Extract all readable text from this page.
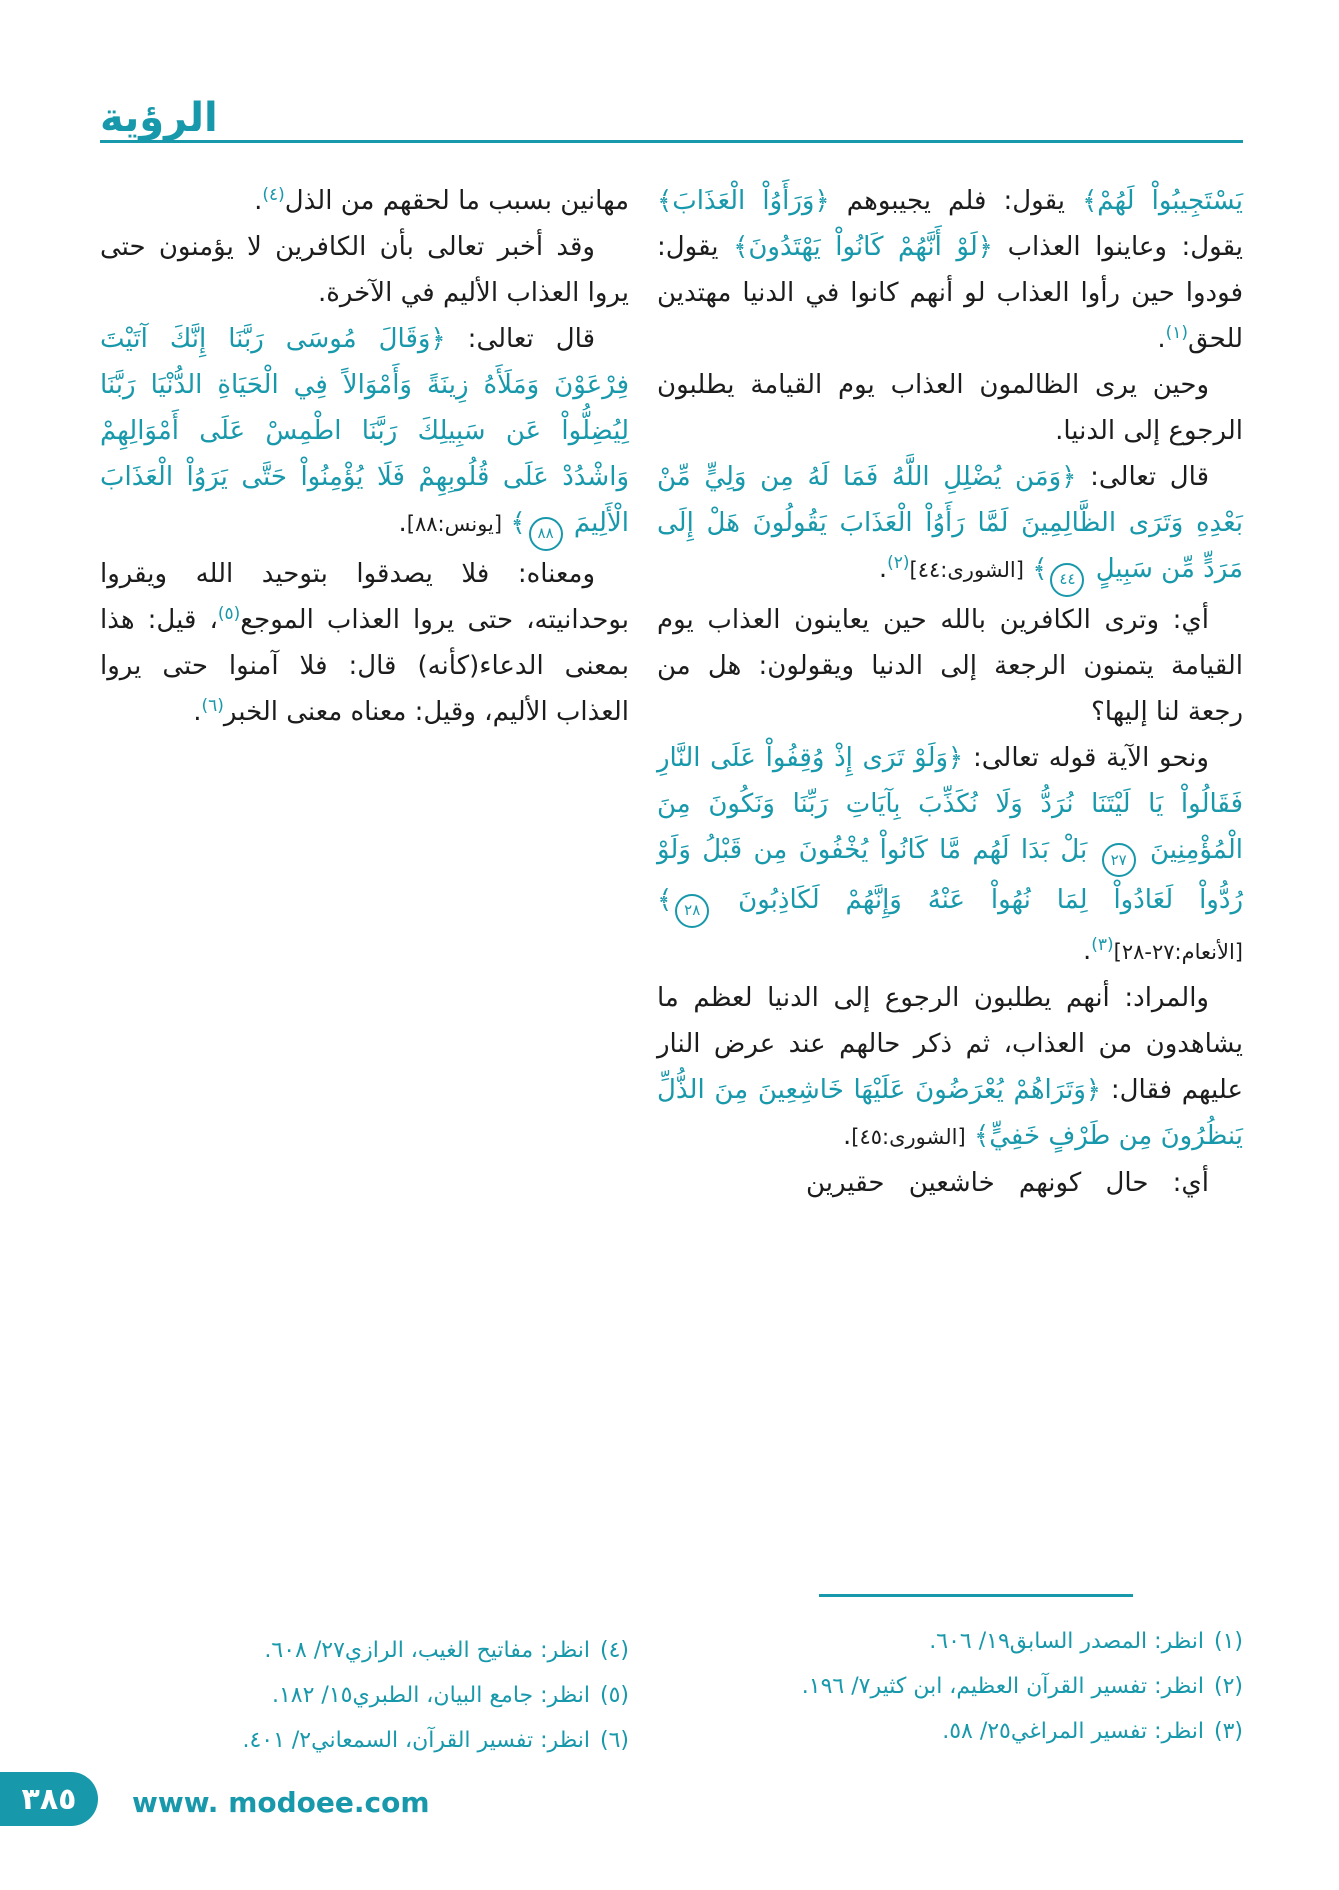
الرؤية

يَسْتَجِيبُواْ لَهُمْ﴾ يقول: فلم يجيبوهم ﴿وَرَأَوُاْ الْعَذَابَ﴾ يقول: وعاينوا العذاب ﴿لَوْ أَنَّهُمْ كَانُواْ يَهْتَدُونَ﴾ يقول: فودوا حين رأوا العذاب لو أنهم كانوا في الدنيا مهتدين للحق$^{(١)}$.

وحين يرى الظالمون العذاب يوم القيامة يطلبون الرجوع إلى الدنيا.

قال تعالى: ﴿وَمَن يُضْلِلِ اللَّهُ فَمَا لَهُ مِن وَلِيٍّ مِّنْ بَعْدِهِ وَتَرَى الظَّالِمِينَ لَمَّا رَأَوُاْ الْعَذَابَ يَقُولُونَ هَلْ إِلَى مَرَدٍّ مِّن سَبِيلٍ ٤٤﴾ [الشورى:٤٤]$^{(٢)}$.

أي: وترى الكافرين بالله حين يعاينون العذاب يوم القيامة يتمنون الرجعة إلى الدنيا ويقولون: هل من رجعة لنا إليها؟

ونحو الآية قوله تعالى: ﴿وَلَوْ تَرَى إِذْ وُقِفُواْ عَلَى النَّارِ فَقَالُواْ يَا لَيْتَنَا نُرَدُّ وَلَا نُكَذِّبَ بِآيَاتِ رَبِّنَا وَنَكُونَ مِنَ الْمُؤْمِنِينَ ٢٧ بَلْ بَدَا لَهُم مَّا كَانُواْ يُخْفُونَ مِن قَبْلُ وَلَوْ رُدُّواْ لَعَادُواْ لِمَا نُهُواْ عَنْهُ وَإِنَّهُمْ لَكَاذِبُونَ ٢٨﴾ [الأنعام:٢٧-٢٨]$^{(٣)}$.

والمراد: أنهم يطلبون الرجوع إلى الدنيا لعظم ما يشاهدون من العذاب، ثم ذكر حالهم عند عرض النار عليهم فقال: ﴿وَتَرَاهُمْ يُعْرَضُونَ عَلَيْهَا خَاشِعِينَ مِنَ الذُّلِّ يَنظُرُونَ مِن طَرْفٍ خَفِيٍّ﴾ [الشورى:٤٥].

أي: حال كونهم خاشعين حقيرين

مهانين بسبب ما لحقهم من الذل$^{(٤)}$.

وقد أخبر تعالى بأن الكافرين لا يؤمنون حتى يروا العذاب الأليم في الآخرة.

قال تعالى: ﴿وَقَالَ مُوسَى رَبَّنَا إِنَّكَ آتَيْتَ فِرْعَوْنَ وَمَلَأَهُ زِينَةً وَأَمْوَالاً فِي الْحَيَاةِ الدُّنْيَا رَبَّنَا لِيُضِلُّواْ عَن سَبِيلِكَ رَبَّنَا اطْمِسْ عَلَى أَمْوَالِهِمْ وَاشْدُدْ عَلَى قُلُوبِهِمْ فَلَا يُؤْمِنُواْ حَتَّى يَرَوُاْ الْعَذَابَ الْأَلِيمَ ٨٨﴾ [يونس:٨٨].

ومعناه: فلا يصدقوا بتوحيد الله ويقروا بوحدانيته، حتى يروا العذاب الموجع$^{(٥)}$، قيل: هذا بمعنى الدعاء(كأنه) قال: فلا آمنوا حتى يروا العذاب الأليم، وقيل: معناه معنى الخبر$^{(٦)}$.

(١)
انظر: المصدر السابق١٩/ ٦٠٦.
(٢)
انظر: تفسير القرآن العظيم، ابن كثير٧/ ١٩٦.
(٣)
انظر: تفسير المراغي٢٥/ ٥٨.
(٤)
انظر: مفاتيح الغيب، الرازي٢٧/ ٦٠٨.
(٥)
انظر: جامع البيان، الطبري١٥/ ١٨٢.
(٦)
انظر: تفسير القرآن، السمعاني٢/ ٤٠١.
٣٨٥ www. modoee.com
